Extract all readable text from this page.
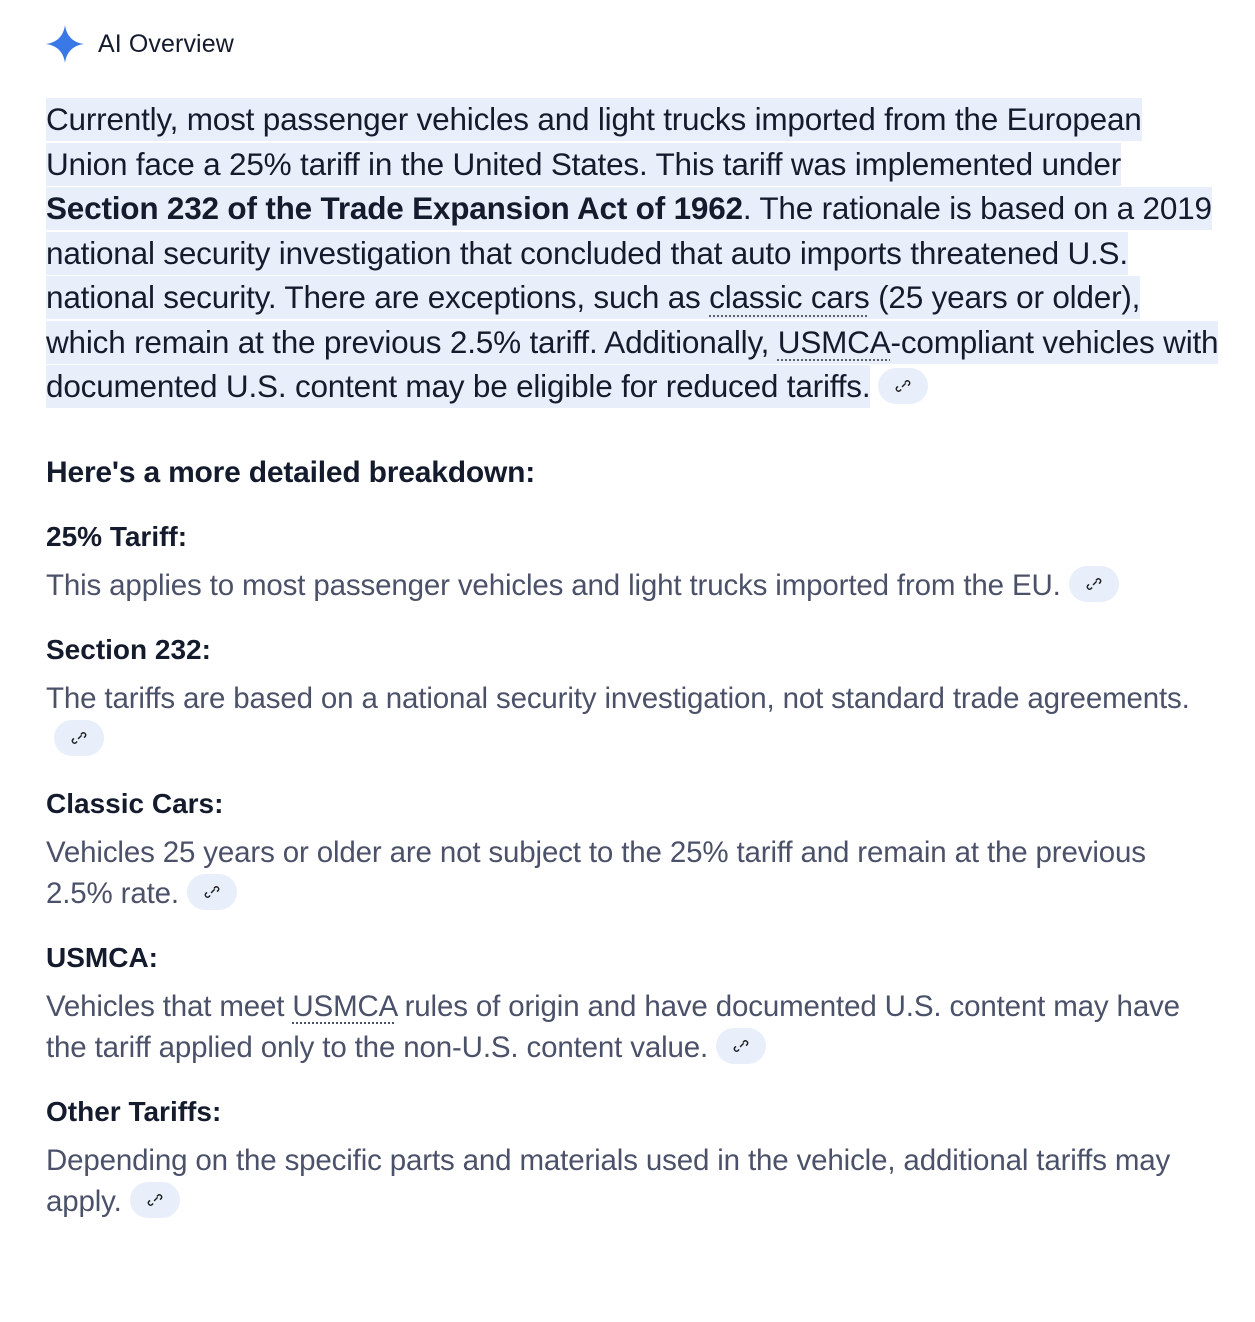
AI Overview
Currently, most passenger vehicles and light trucks imported from the European Union face a 25% tariff in the United States. This tariff was implemented under Section 232 of the Trade Expansion Act of 1962. The rationale is based on a 2019 national security investigation that concluded that auto imports threatened U.S. national security. There are exceptions, such as classic cars (25 years or older), which remain at the previous 2.5% tariff. Additionally, USMCA-compliant vehicles with documented U.S. content may be eligible for reduced tariffs.
Here's a more detailed breakdown:
25% Tariff:
This applies to most passenger vehicles and light trucks imported from the EU.
Section 232:
The tariffs are based on a national security investigation, not standard trade agreements.
Classic Cars:
Vehicles 25 years or older are not subject to the 25% tariff and remain at the previous 2.5% rate.
USMCA:
Vehicles that meet USMCA rules of origin and have documented U.S. content may have the tariff applied only to the non-U.S. content value.
Other Tariffs:
Depending on the specific parts and materials used in the vehicle, additional tariffs may apply.
